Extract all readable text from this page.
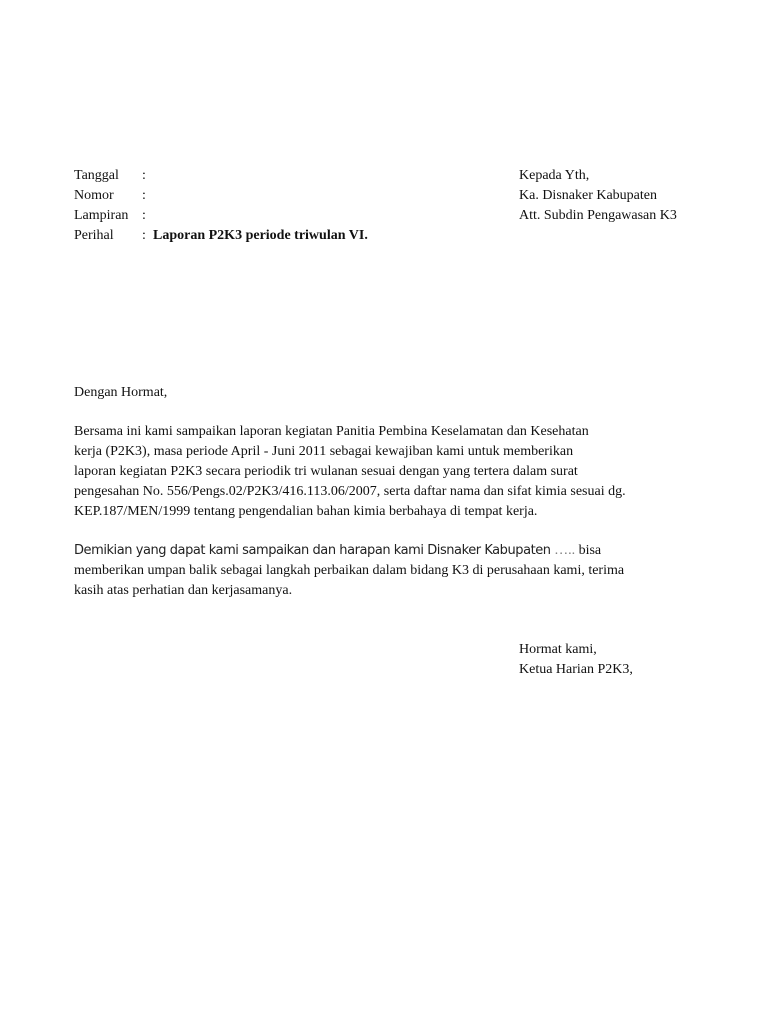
Tanggal :
Nomor :
Lampiran :
Perihal : Laporan P2K3 periode triwulan VI.
Kepada Yth,
Ka. Disnaker Kabupaten
Att. Subdin Pengawasan K3
Dengan Hormat,
Bersama ini kami sampaikan laporan kegiatan Panitia Pembina Keselamatan dan Kesehatan
kerja (P2K3), masa periode April - Juni 2011 sebagai kewajiban kami untuk memberikan
laporan kegiatan P2K3 secara periodik tri wulanan sesuai dengan yang tertera dalam surat
pengesahan No. 556/Pengs.02/P2K3/416.113.06/2007, serta daftar nama dan sifat kimia sesuai dg.
KEP.187/MEN/1999 tentang pengendalian bahan kimia berbahaya di tempat kerja.
Demikian yang dapat kami sampaikan dan harapan kami Disnaker Kabupaten ….. bisa
memberikan umpan balik sebagai langkah perbaikan dalam bidang K3 di perusahaan kami, terima
kasih atas perhatian dan kerjasamanya.
Hormat kami,
Ketua Harian P2K3,
